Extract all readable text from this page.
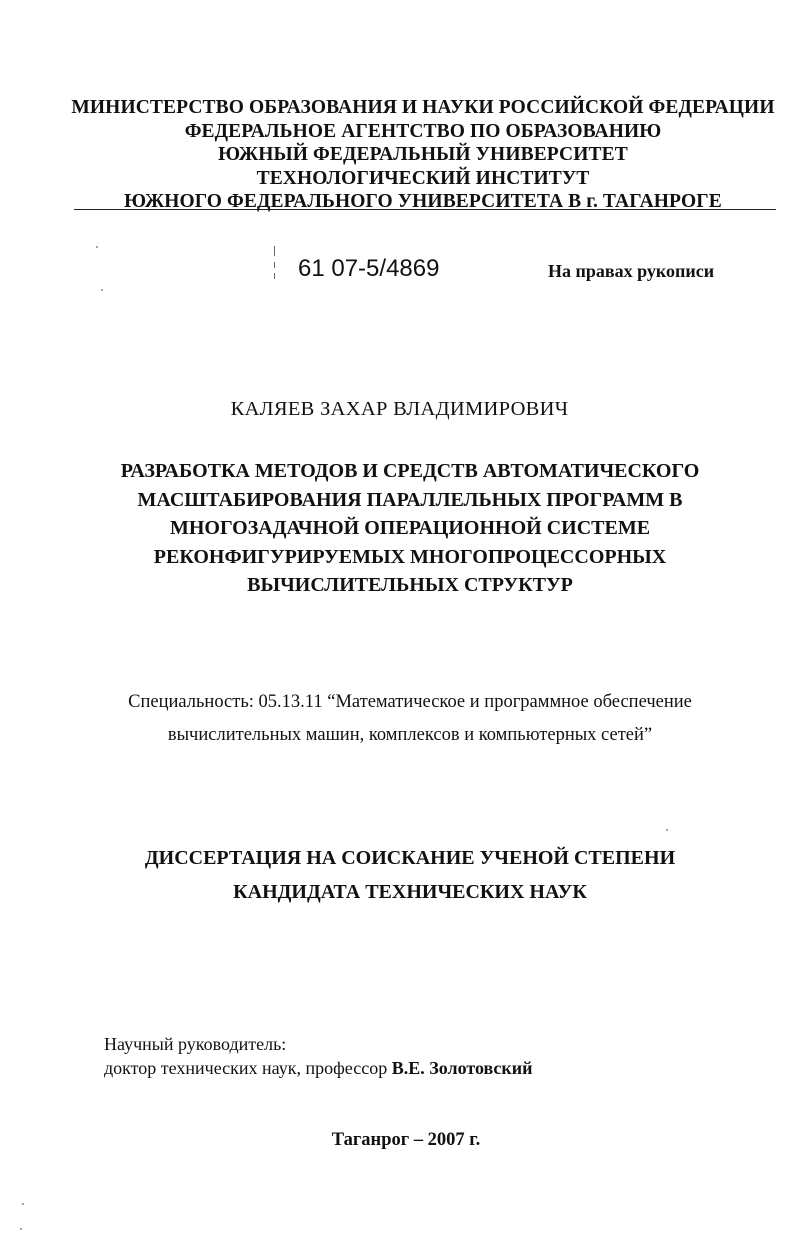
МИНИСТЕРСТВО ОБРАЗОВАНИЯ И НАУКИ РОССИЙСКОЙ ФЕДЕРАЦИИ
ФЕДЕРАЛЬНОЕ АГЕНТСТВО ПО ОБРАЗОВАНИЮ
ЮЖНЫЙ ФЕДЕРАЛЬНЫЙ УНИВЕРСИТЕТ
ТЕХНОЛОГИЧЕСКИЙ ИНСТИТУТ
ЮЖНОГО ФЕДЕРАЛЬНОГО УНИВЕРСИТЕТА В г. ТАГАНРОГЕ
61 07-5/4869	На правах рукописи
КАЛЯЕВ ЗАХАР ВЛАДИМИРОВИЧ
РАЗРАБОТКА МЕТОДОВ И СРЕДСТВ АВТОМАТИЧЕСКОГО
МАСШТАБИРОВАНИЯ ПАРАЛЛЕЛЬНЫХ ПРОГРАММ В
МНОГОЗАДАЧНОЙ ОПЕРАЦИОННОЙ СИСТЕМЕ
РЕКОНФИГУРИРУЕМЫХ МНОГОПРОЦЕССОРНЫХ
ВЫЧИСЛИТЕЛЬНЫХ СТРУКТУР
Специальность: 05.13.11 “Математическое и программное обеспечение
вычислительных машин, комплексов и компьютерных сетей”
ДИССЕРТАЦИЯ НА СОИСКАНИЕ УЧЕНОЙ СТЕПЕНИ
КАНДИДАТА ТЕХНИЧЕСКИХ НАУК
Научный руководитель:
доктор технических наук, профессор В.Е. Золотовский
Таганрог – 2007 г.
